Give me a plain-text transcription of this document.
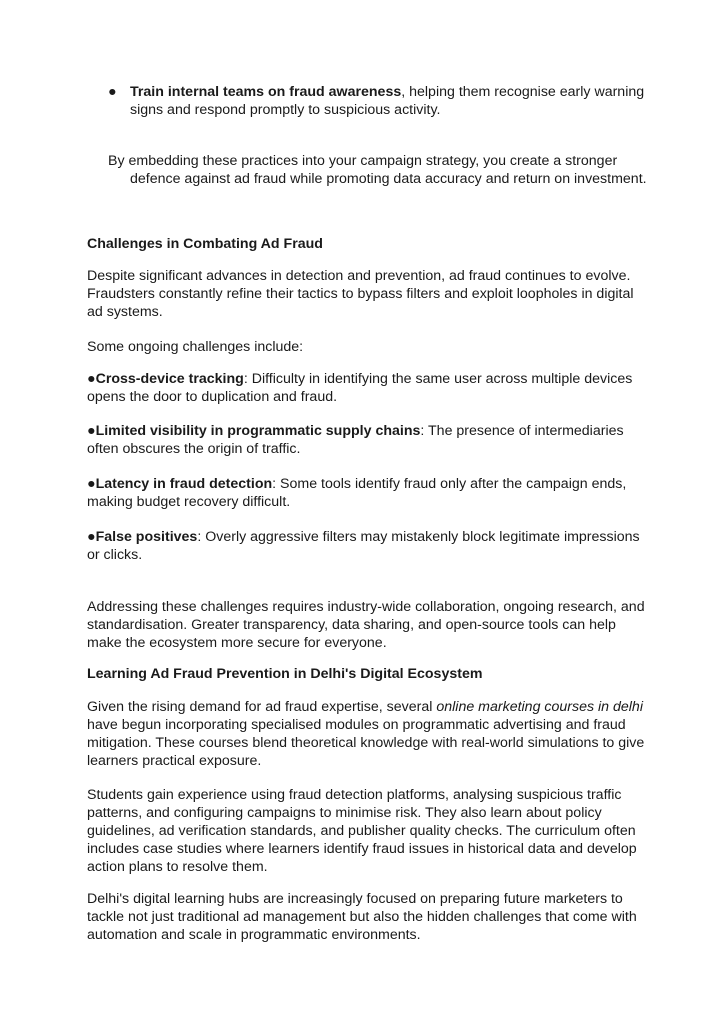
● Train internal teams on fraud awareness, helping them recognise early warning signs and respond promptly to suspicious activity.

By embedding these practices into your campaign strategy, you create a stronger defence against ad fraud while promoting data accuracy and return on investment.

Challenges in Combating Ad Fraud

Despite significant advances in detection and prevention, ad fraud continues to evolve. Fraudsters constantly refine their tactics to bypass filters and exploit loopholes in digital ad systems.

Some ongoing challenges include:

●Cross-device tracking: Difficulty in identifying the same user across multiple devices opens the door to duplication and fraud.

●Limited visibility in programmatic supply chains: The presence of intermediaries often obscures the origin of traffic.

●Latency in fraud detection: Some tools identify fraud only after the campaign ends, making budget recovery difficult.

●False positives: Overly aggressive filters may mistakenly block legitimate impressions or clicks.

Addressing these challenges requires industry-wide collaboration, ongoing research, and standardisation. Greater transparency, data sharing, and open-source tools can help make the ecosystem more secure for everyone.

Learning Ad Fraud Prevention in Delhi's Digital Ecosystem

Given the rising demand for ad fraud expertise, several online marketing courses in delhi have begun incorporating specialised modules on programmatic advertising and fraud mitigation. These courses blend theoretical knowledge with real-world simulations to give learners practical exposure.

Students gain experience using fraud detection platforms, analysing suspicious traffic patterns, and configuring campaigns to minimise risk. They also learn about policy guidelines, ad verification standards, and publisher quality checks. The curriculum often includes case studies where learners identify fraud issues in historical data and develop action plans to resolve them.

Delhi's digital learning hubs are increasingly focused on preparing future marketers to tackle not just traditional ad management but also the hidden challenges that come with automation and scale in programmatic environments.
